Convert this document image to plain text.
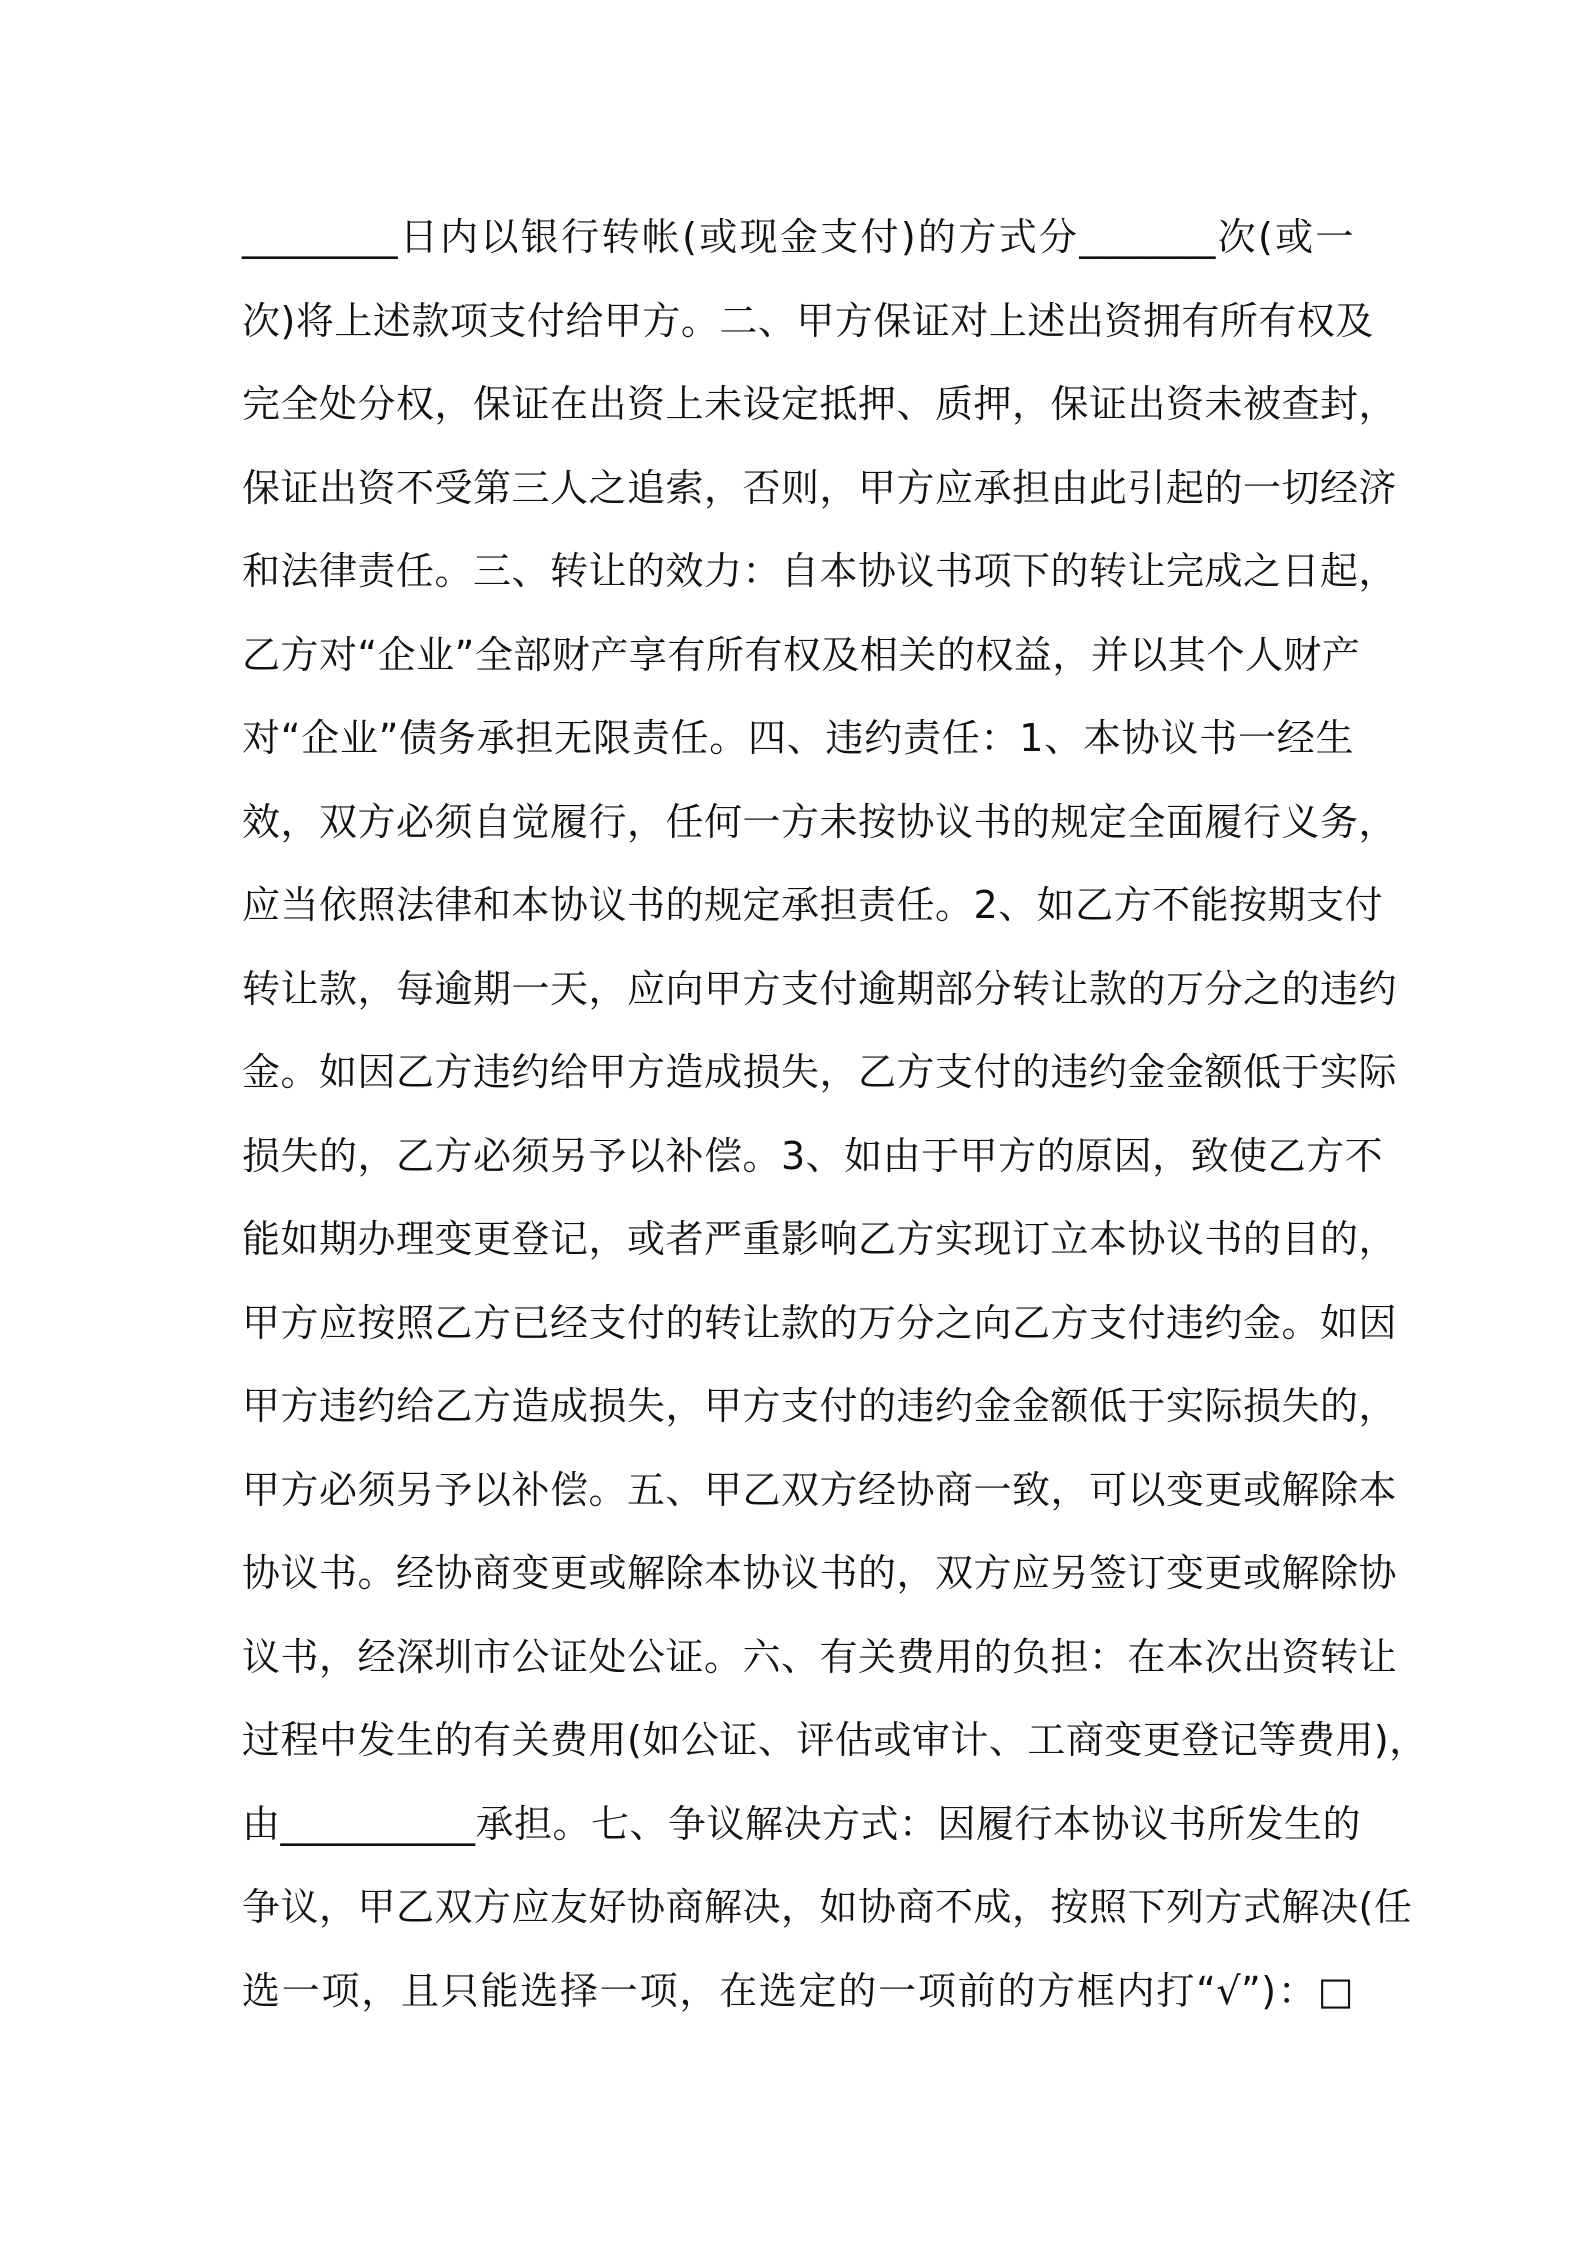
________日内以银行转帐(或现金支付)的方式分_______次(或一
次)将上述款项支付给甲方。二、甲方保证对上述出资拥有所有权及
完全处分权，保证在出资上未设定抵押、质押，保证出资未被查封，
保证出资不受第三人之追索，否则，甲方应承担由此引起的一切经济
和法律责任。三、转让的效力：自本协议书项下的转让完成之日起，
乙方对“企业”全部财产享有所有权及相关的权益，并以其个人财产
对“企业”债务承担无限责任。四、违约责任：1、本协议书一经生
效，双方必须自觉履行，任何一方未按协议书的规定全面履行义务，
应当依照法律和本协议书的规定承担责任。2、如乙方不能按期支付
转让款，每逾期一天，应向甲方支付逾期部分转让款的万分之的违约
金。如因乙方违约给甲方造成损失，乙方支付的违约金金额低于实际
损失的，乙方必须另予以补偿。3、如由于甲方的原因，致使乙方不
能如期办理变更登记，或者严重影响乙方实现订立本协议书的目的，
甲方应按照乙方已经支付的转让款的万分之向乙方支付违约金。如因
甲方违约给乙方造成损失，甲方支付的违约金金额低于实际损失的，
甲方必须另予以补偿。五、甲乙双方经协商一致，可以变更或解除本
协议书。经协商变更或解除本协议书的，双方应另签订变更或解除协
议书，经深圳市公证处公证。六、有关费用的负担：在本次出资转让
过程中发生的有关费用(如公证、评估或审计、工商变更登记等费用)，
由__________承担。七、争议解决方式：因履行本协议书所发生的
争议，甲乙双方应友好协商解决，如协商不成，按照下列方式解决(任
选一项，且只能选择一项，在选定的一项前的方框内打“√”)：□
